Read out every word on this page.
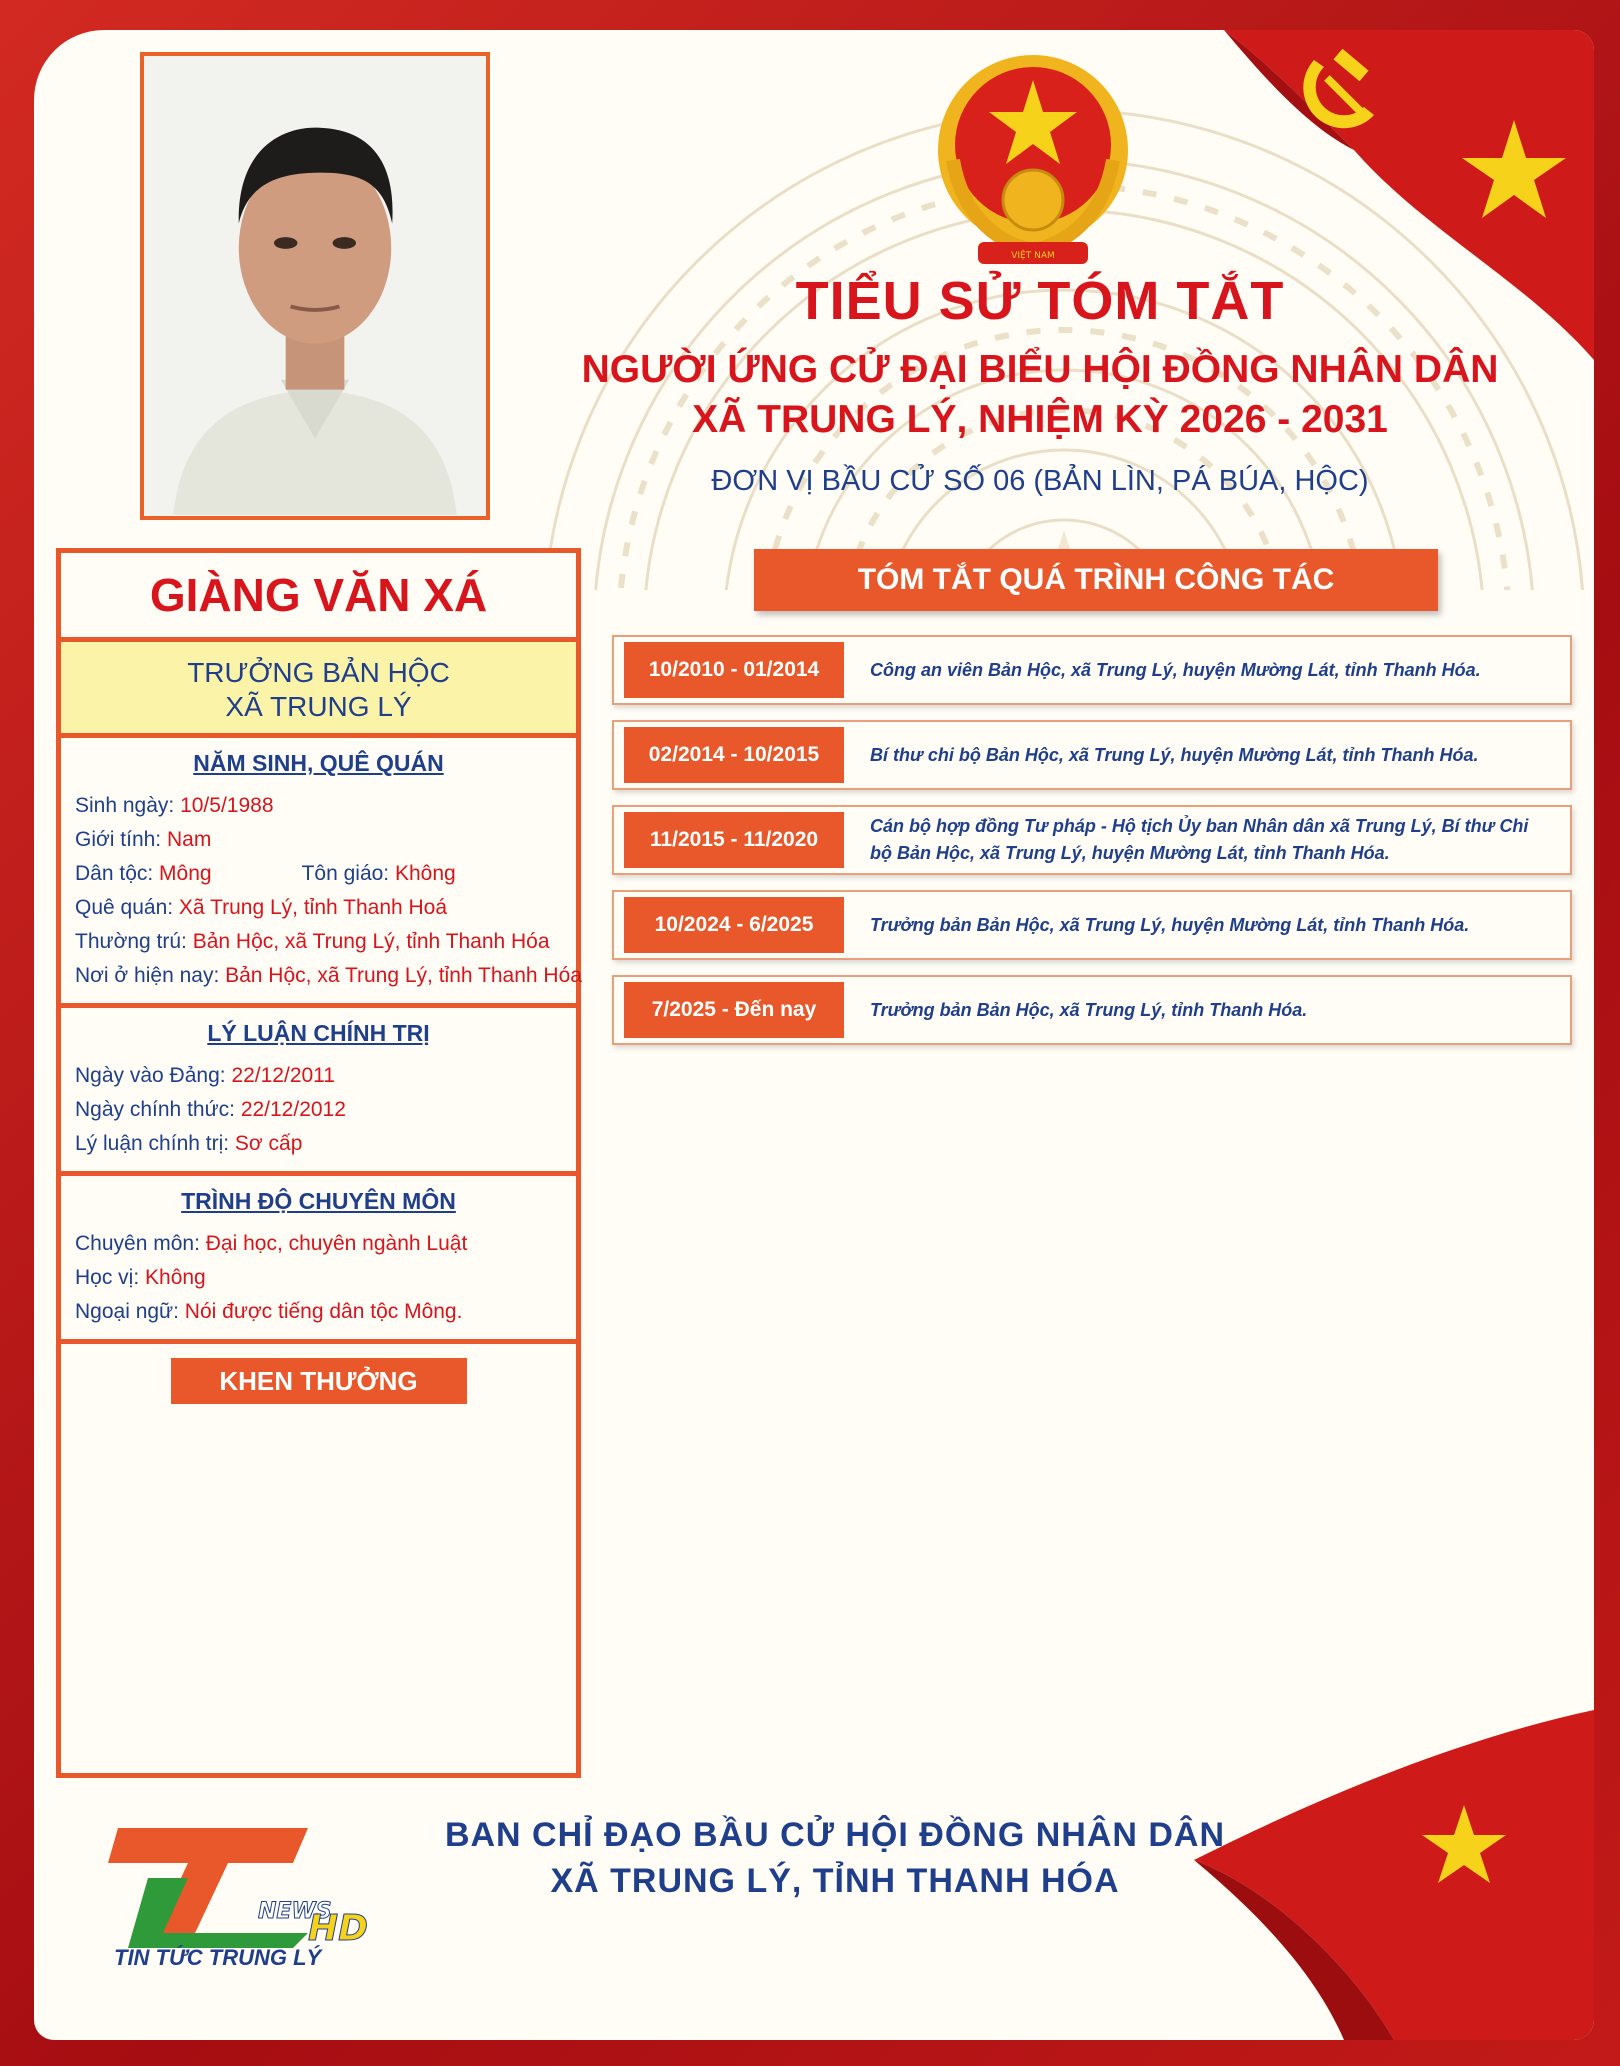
VIỆT NAM
TIỂU SỬ TÓM TẮT
NGƯỜI ỨNG CỬ ĐẠI BIỂU HỘI ĐỒNG NHÂN DÂN
XÃ TRUNG LÝ, NHIỆM KỲ 2026 - 2031
ĐƠN VỊ BẦU CỬ SỐ 06 (BẢN LÌN, PÁ BÚA, HỘC)
GIÀNG VĂN XÁ
TRƯỞNG BẢN HỘC
XÃ TRUNG LÝ
NĂM SINH, QUÊ QUÁN
Sinh ngày: 10/5/1988
Giới tính: Nam
Dân tộc: Mông	Tôn giáo: Không
Quê quán: Xã Trung Lý, tỉnh Thanh Hoá
Thường trú: Bản Hộc, xã Trung Lý, tỉnh Thanh Hóa
Nơi ở hiện nay: Bản Hộc, xã Trung Lý, tỉnh Thanh Hóa
LÝ LUẬN CHÍNH TRỊ
Ngày vào Đảng: 22/12/2011
Ngày chính thức: 22/12/2012
Lý luận chính trị: Sơ cấp
TRÌNH ĐỘ CHUYÊN MÔN
Chuyên môn: Đại học, chuyên ngành Luật
Học vị: Không
Ngoại ngữ: Nói được tiếng dân tộc Mông.
KHEN THƯỞNG
TÓM TẮT QUÁ TRÌNH CÔNG TÁC
10/2010 - 01/2014	Công an viên Bản Hộc, xã Trung Lý, huyện Mường Lát, tỉnh Thanh Hóa.
02/2014 - 10/2015	Bí thư chi bộ Bản Hộc, xã Trung Lý, huyện Mường Lát, tỉnh Thanh Hóa.
11/2015 - 11/2020
Cán bộ hợp đồng Tư pháp - Hộ tịch Ủy ban Nhân dân xã Trung Lý, Bí thư Chi bộ Bản Hộc, xã Trung Lý, huyện Mường Lát, tỉnh Thanh Hóa.
10/2024 - 6/2025	Trưởng bản Bản Hộc, xã Trung Lý, huyện Mường Lát, tỉnh Thanh Hóa.
7/2025 - Đến nay	Trưởng bản Bản Hộc, xã Trung Lý, tỉnh Thanh Hóa.
BAN CHỈ ĐẠO BẦU CỬ HỘI ĐỒNG NHÂN DÂN
XÃ TRUNG LÝ, TỈNH THANH HÓA
NEWS
HD
TIN TỨC TRUNG LÝ
